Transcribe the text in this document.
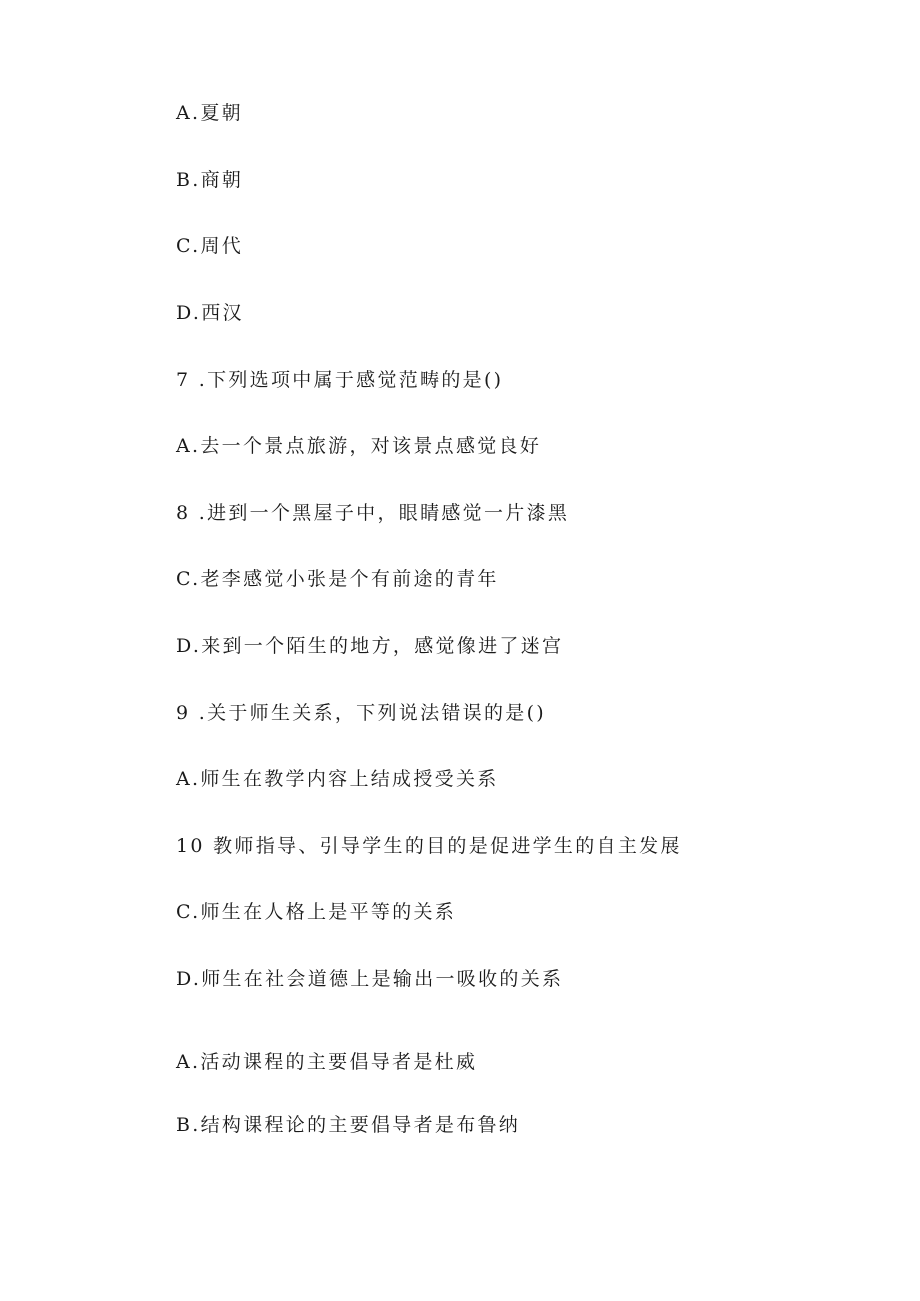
A.夏朝
B.商朝
C.周代
D.西汉
7 .下列选项中属于感觉范畴的是()
A.去一个景点旅游，对该景点感觉良好
8 .进到一个黑屋子中，眼睛感觉一片漆黑
C.老李感觉小张是个有前途的青年
D.来到一个陌生的地方，感觉像进了迷宫
9 .关于师生关系，下列说法错误的是()
A.师生在教学内容上结成授受关系
10 教师指导、引导学生的目的是促进学生的自主发展
C.师生在人格上是平等的关系
D.师生在社会道德上是输出一吸收的关系
A.活动课程的主要倡导者是杜威
B.结构课程论的主要倡导者是布鲁纳
